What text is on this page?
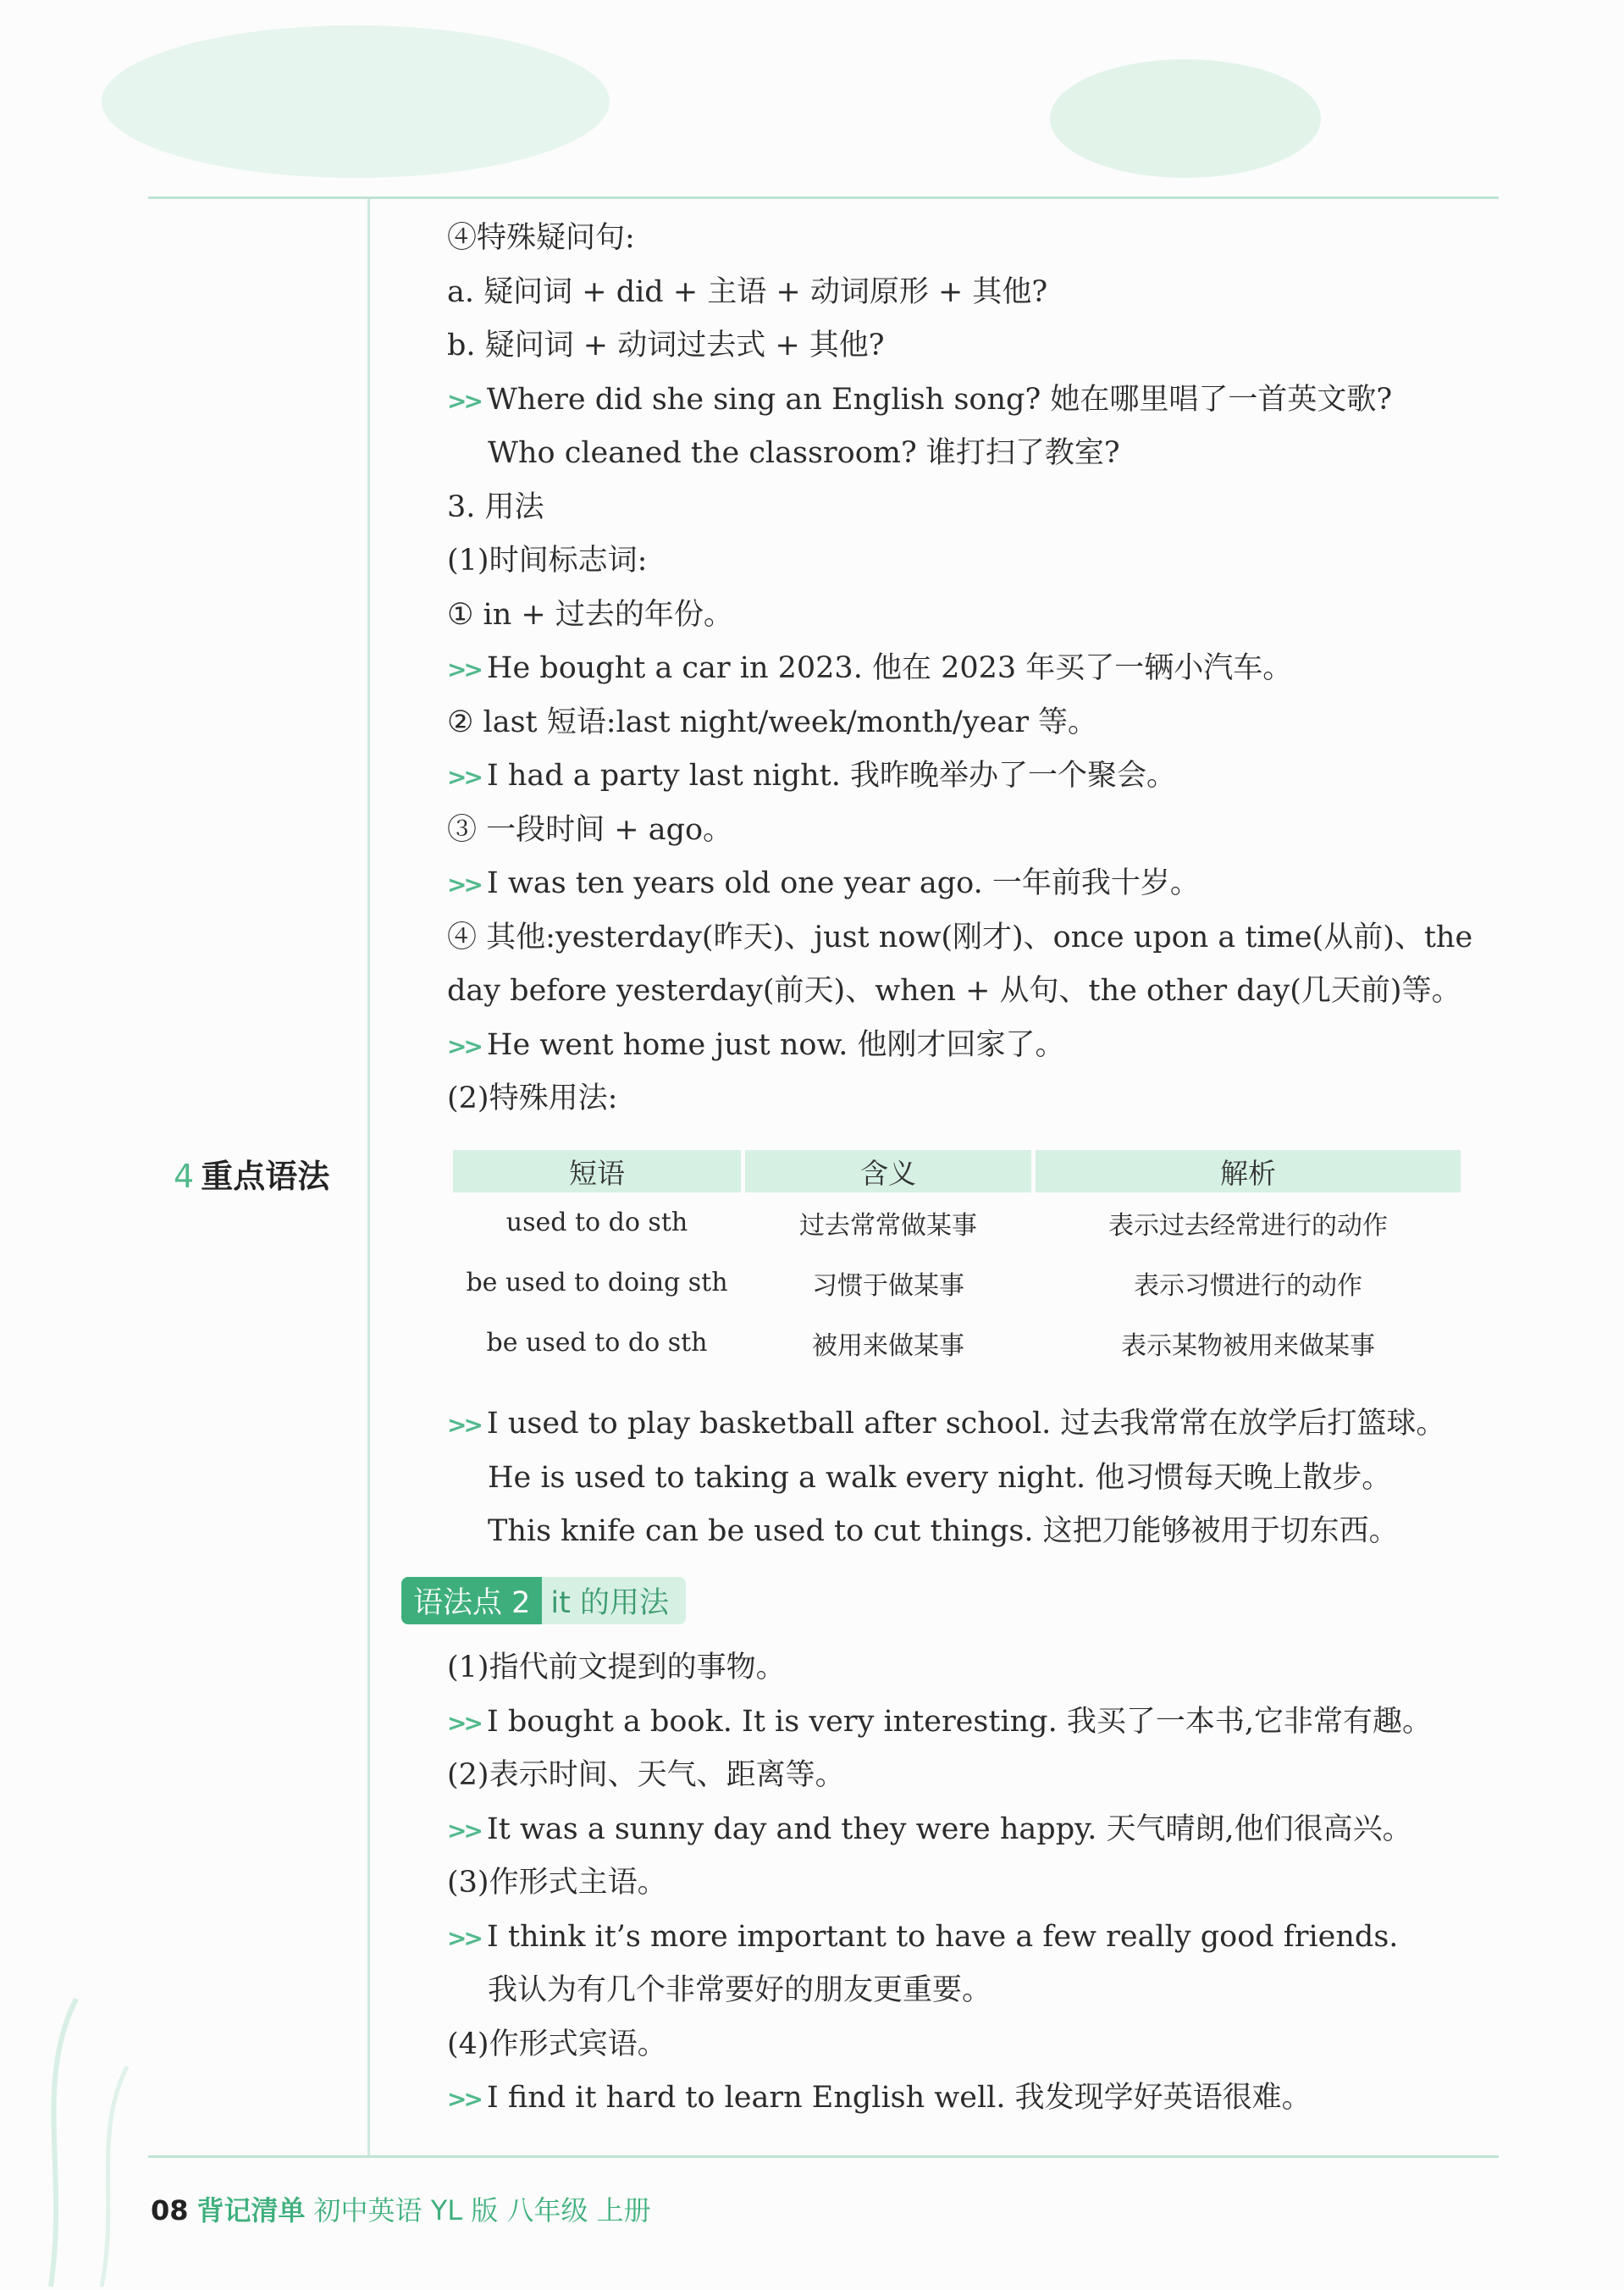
4 重点语法
④特殊疑问句:
a. 疑问词 + did + 主语 + 动词原形 + 其他?
b. 疑问词 + 动词过去式 + 其他?
>> Where did she sing an English song? 她在哪里唱了一首英文歌?
Who cleaned the classroom? 谁打扫了教室?
3. 用法
(1)时间标志词:
① in + 过去的年份。
>> He bought a car in 2023. 他在 2023 年买了一辆小汽车。
② last 短语:last night/week/month/year 等。
>> I had a party last night. 我昨晚举办了一个聚会。
③ 一段时间 + ago。
>> I was ten years old one year ago. 一年前我十岁。
④ 其他:yesterday(昨天)、just now(刚才)、once upon a time(从前)、the
day before yesterday(前天)、when + 从句、the other day(几天前)等。
>> He went home just now. 他刚才回家了。
(2)特殊用法:
短语	含义	解析
used to do sth	过去常常做某事	表示过去经常进行的动作
be used to doing sth	习惯于做某事	表示习惯进行的动作
be used to do sth	被用来做某事	表示某物被用来做某事
>> I used to play basketball after school. 过去我常常在放学后打篮球。
He is used to taking a walk every night. 他习惯每天晚上散步。
This knife can be used to cut things. 这把刀能够被用于切东西。
语法点 2 it 的用法
(1)指代前文提到的事物。
>> I bought a book. It is very interesting. 我买了一本书,它非常有趣。
(2)表示时间、天气、距离等。
>> It was a sunny day and they were happy. 天气晴朗,他们很高兴。
(3)作形式主语。
>> I think it’s more important to have a few really good friends.
我认为有几个非常要好的朋友更重要。
(4)作形式宾语。
>> I find it hard to learn English well. 我发现学好英语很难。
08 背记清单 初中英语 YL 版 八年级 上册
